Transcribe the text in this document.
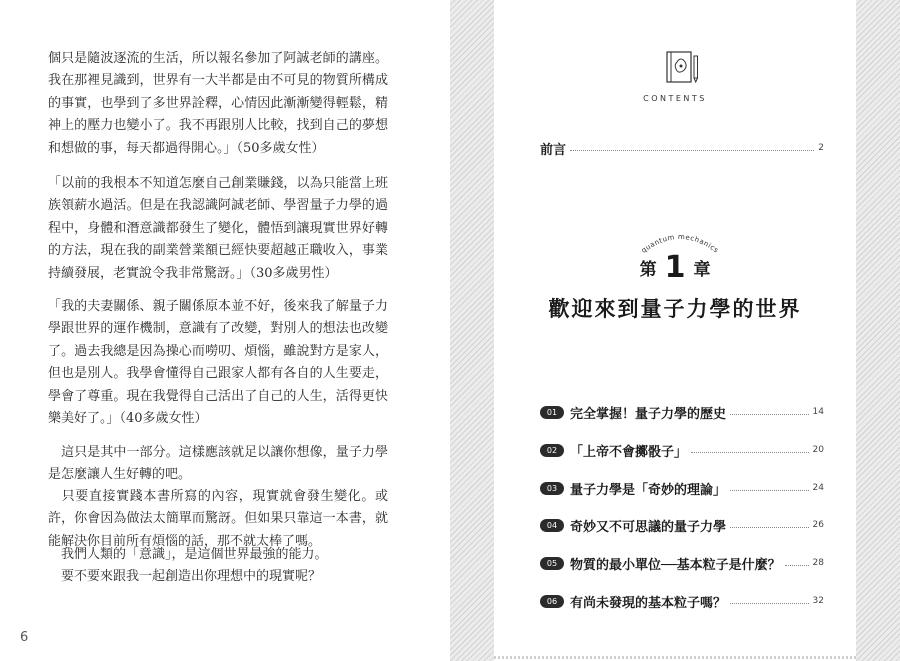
個只是隨波逐流的生活，所以報名參加了阿誠老師的講座。我在那裡見識到，世界有一大半都是由不可見的物質所構成的事實，也學到了多世界詮釋，心情因此漸漸變得輕鬆，精神上的壓力也變小了。我不再跟別人比較，找到自己的夢想和想做的事，每天都過得開心。」（50多歲女性）

「以前的我根本不知道怎麼自己創業賺錢，以為只能當上班族領薪水過活。但是在我認識阿誠老師、學習量子力學的過程中，身體和潛意識都發生了變化，體悟到讓現實世界好轉的方法，現在我的副業營業額已經快要超越正職收入，事業持續發展，老實說令我非常驚訝。」（30多歲男性）

「我的夫妻關係、親子關係原本並不好，後來我了解量子力學跟世界的運作機制，意識有了改變，對別人的想法也改變了。過去我總是因為操心而嘮叨、煩惱，雖說對方是家人，但也是別人。我學會懂得自己跟家人都有各自的人生要走，學會了尊重。現在我覺得自己活出了自己的人生，活得更快樂美好了。」（40多歲女性）

　這只是其中一部分。這樣應該就足以讓你想像，量子力學是怎麼讓人生好轉的吧。

　只要直接實踐本書所寫的內容，現實就會發生變化。或許，你會因為做法太簡單而驚訝。但如果只靠這一本書，就能解決你目前所有煩惱的話，那不就太棒了嗎。

　我們人類的「意識」，是這個世界最強的能力。

　要不要來跟我一起創造出你理想中的現實呢？

6
CONTENTS
前言	2
quantum mechanics
第 1 章
歡迎來到量子力學的世界
01 完全掌握！量子力學的歷史	14
02 「上帝不會擲骰子」	20
03 量子力學是「奇妙的理論」	24
04 奇妙又不可思議的量子力學	26
05 物質的最小單位──基本粒子是什麼？	28
06 有尚未發現的基本粒子嗎？	32
